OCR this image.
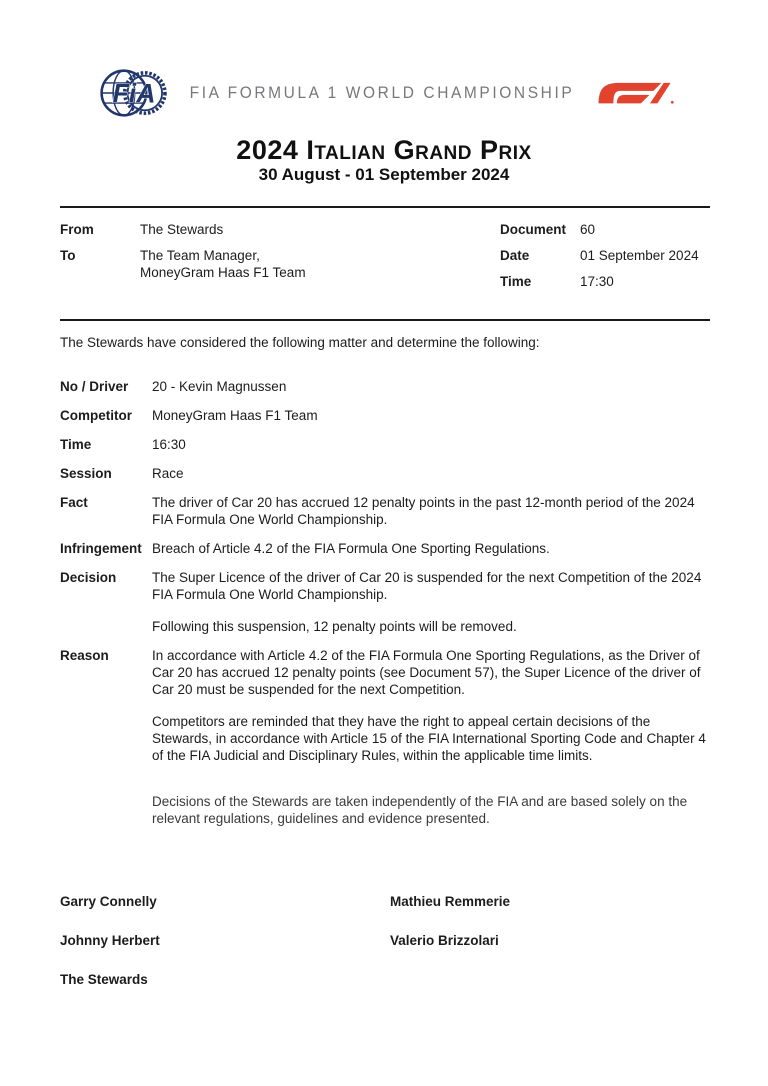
FiA FIA FORMULA 1 WORLD CHAMPIONSHIP
2024 Italian Grand Prix
30 August - 01 September 2024
From	The Stewards
To	The Team Manager,
MoneyGram Haas F1 Team
Document	60
Date	01 September 2024
Time	17:30
The Stewards have considered the following matter and determine the following:
No / Driver	20 - Kevin Magnussen

Competitor	MoneyGram Haas F1 Team

Time	16:30

Session	Race

Fact	The driver of Car 20 has accrued 12 penalty points in the past 12-month period of the 2024 FIA Formula One World Championship.

Infringement Breach of Article 4.2 of the FIA Formula One Sporting Regulations.

Decision	The Super Licence of the driver of Car 20 is suspended for the next Competition of the 2024 FIA Formula One World Championship.

Following this suspension, 12 penalty points will be removed.

Reason	In accordance with Article 4.2 of the FIA Formula One Sporting Regulations, as the Driver of Car 20 has accrued 12 penalty points (see Document 57), the Super Licence of the driver of Car 20 must be suspended for the next Competition.

Competitors are reminded that they have the right to appeal certain decisions of the Stewards, in accordance with Article 15 of the FIA International Sporting Code and Chapter 4 of the FIA Judicial and Disciplinary Rules, within the applicable time limits.

Decisions of the Stewards are taken independently of the FIA and are based solely on the relevant regulations, guidelines and evidence presented.

Garry Connelly	Mathieu Remmerie
Johnny Herbert	Valerio Brizzolari
The Stewards
